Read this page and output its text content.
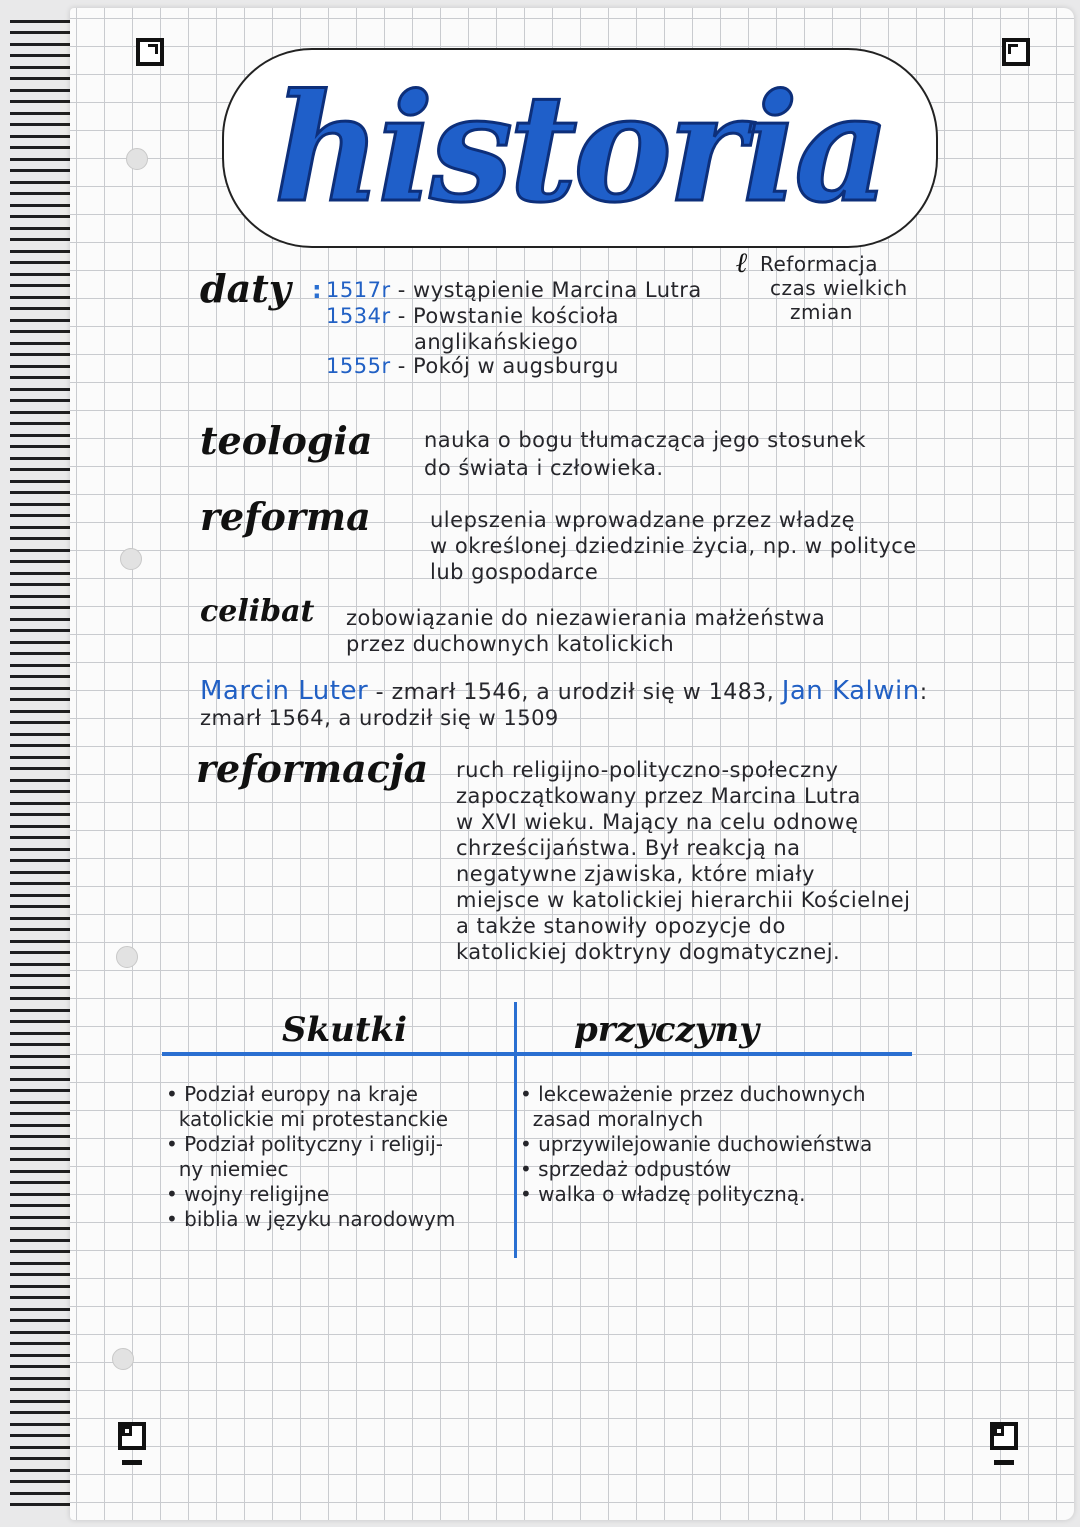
historia
daty : 1517r - wystąpienie Marcina Lutra
1534r - Powstanie kościoła
anglikańskiego
1555r - Pokój w augsburgu
ℓ Reformacja
czas wielkich
zmian
teologia nauka o bogu tłumacząca jego stosunek
do świata i człowieka.
reforma	ulepszenia wprowadzane przez władzę
w określonej dziedzinie życia, np. w polityce
lub gospodarce
celibat zobowiązanie do niezawierania małżeństwa
przez duchownych katolickich
Marcin Luter - zmarł 1546, a urodził się w 1483, Jan Kalwin:
zmarł 1564, a urodził się w 1509
reformacja ruch religijno-polityczno-społeczny
zapoczątkowany przez Marcina Lutra
w XVI wieku. Mający na celu odnowę
chrześcijaństwa. Był reakcją na
negatywne zjawiska, które miały
miejsce w katolickiej hierarchii Kościelnej
a także stanowiły opozycje do
katolickiej doktryny dogmatycznej.
Skutki	przyczyny
• Podział europy na kraje
katolickie mi protestanckie
• Podział polityczny i religij-
ny niemiec
• wojny religijne
• biblia w języku narodowym
• lekceważenie przez duchownych
zasad moralnych
• uprzywilejowanie duchowieństwa
• sprzedaż odpustów
• walka o władzę polityczną.
